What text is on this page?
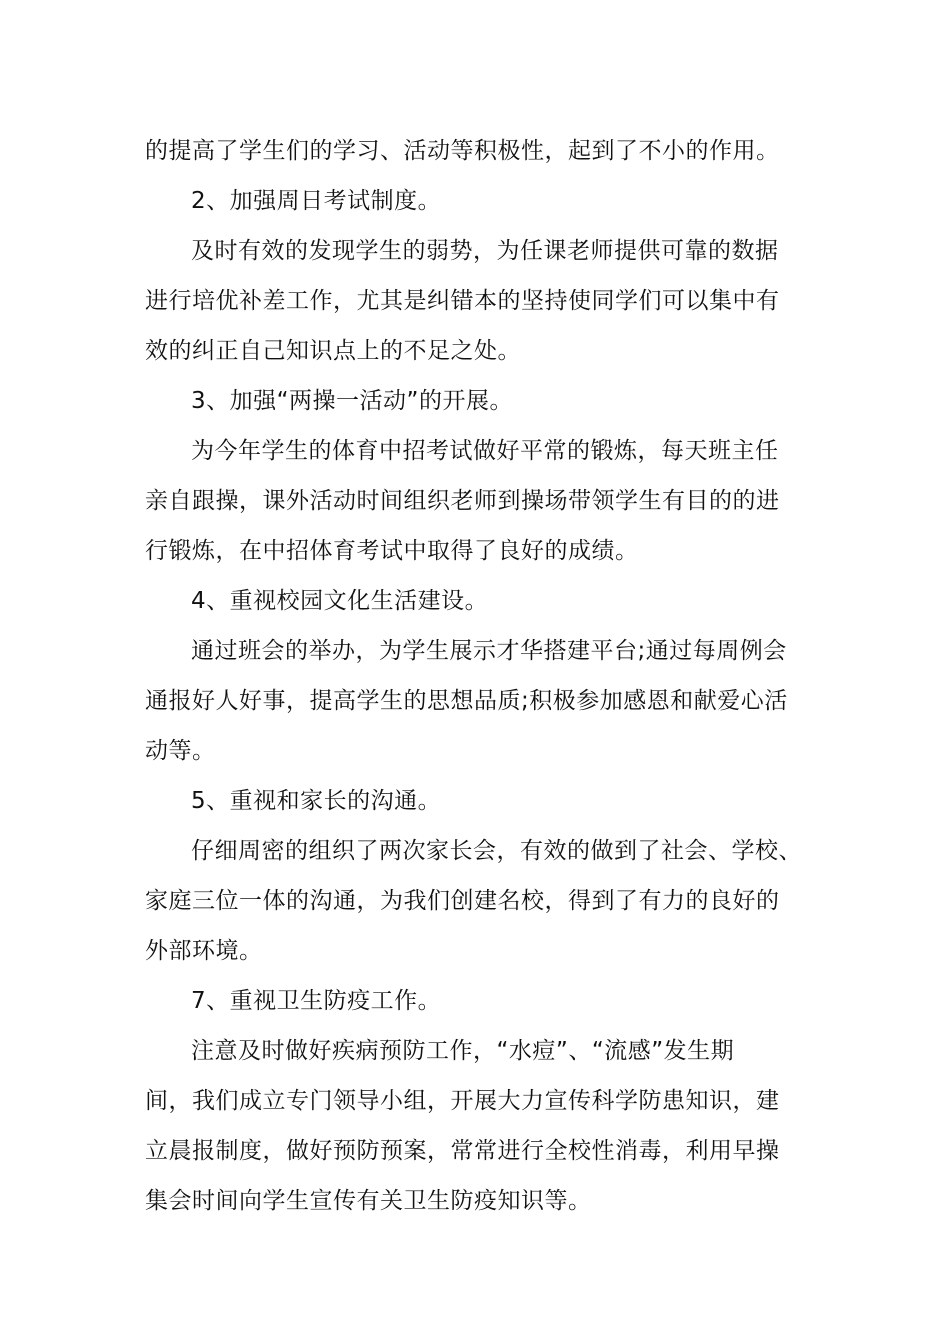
的提高了学生们的学习、活动等积极性，起到了不小的作用。
2、加强周日考试制度。
及时有效的发现学生的弱势，为任课老师提供可靠的数据
进行培优补差工作，尤其是纠错本的坚持使同学们可以集中有
效的纠正自己知识点上的不足之处。
3、加强“两操一活动”的开展。
为今年学生的体育中招考试做好平常的锻炼，每天班主任
亲自跟操，课外活动时间组织老师到操场带领学生有目的的进
行锻炼，在中招体育考试中取得了良好的成绩。
4、重视校园文化生活建设。
通过班会的举办，为学生展示才华搭建平台;通过每周例会
通报好人好事，提高学生的思想品质;积极参加感恩和献爱心活
动等。
5、重视和家长的沟通。
仔细周密的组织了两次家长会，有效的做到了社会、学校、
家庭三位一体的沟通，为我们创建名校，得到了有力的良好的
外部环境。
7、重视卫生防疫工作。
注意及时做好疾病预防工作，“水痘”、“流感”发生期
间，我们成立专门领导小组，开展大力宣传科学防患知识，建
立晨报制度，做好预防预案，常常进行全校性消毒，利用早操
集会时间向学生宣传有关卫生防疫知识等。
